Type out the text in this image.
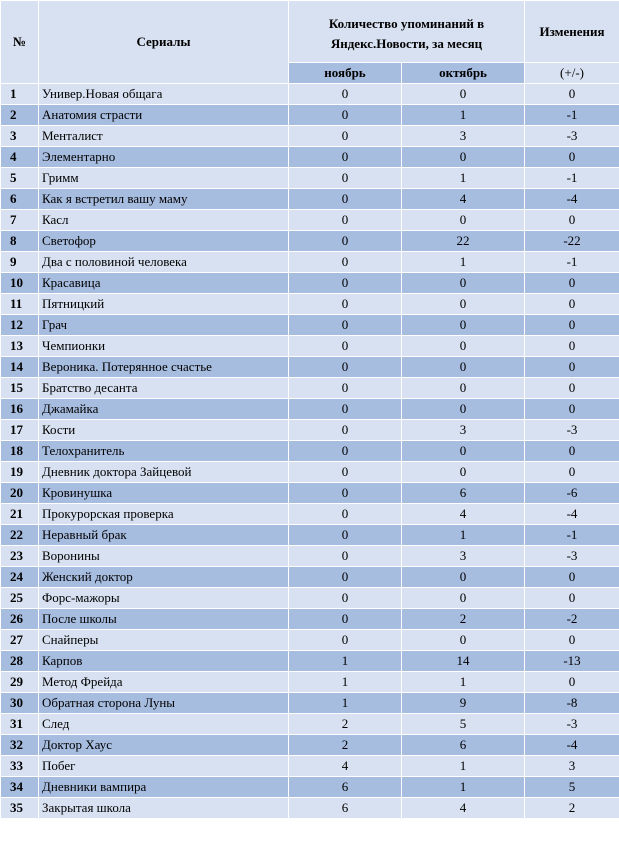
№	Сериалы	Количество упоминаний в Яндекс.Новости, за месяц		Изменения
		ноябрь	октябрь	(+/-)
1	Универ.Новая общага	0	0	0
2	Анатомия страсти	0	1	-1
3	Менталист	0	3	-3
4	Элементарно	0	0	0
5	Гримм	0	1	-1
6	Как я встретил вашу маму	0	4	-4
7	Касл	0	0	0
8	Светофор	0	22	-22
9	Два с половиной человека	0	1	-1
10	Красавица	0	0	0
11	Пятницкий	0	0	0
12	Грач	0	0	0
13	Чемпионки	0	0	0
14	Вероника. Потерянное счастье	0	0	0
15	Братство десанта	0	0	0
16	Джамайка	0	0	0
17	Кости	0	3	-3
18	Телохранитель	0	0	0
19	Дневник доктора Зайцевой	0	0	0
20	Кровинушка	0	6	-6
21	Прокурорская проверка	0	4	-4
22	Неравный брак	0	1	-1
23	Воронины	0	3	-3
24	Женский доктор	0	0	0
25	Форс-мажоры	0	0	0
26	После школы	0	2	-2
27	Снайперы	0	0	0
28	Карпов	1	14	-13
29	Метод Фрейда	1	1	0
30	Обратная сторона Луны	1	9	-8
31	След	2	5	-3
32	Доктор Хаус	2	6	-4
33	Побег	4	1	3
34	Дневники вампира	6	1	5
35	Закрытая школа	6	4	2
